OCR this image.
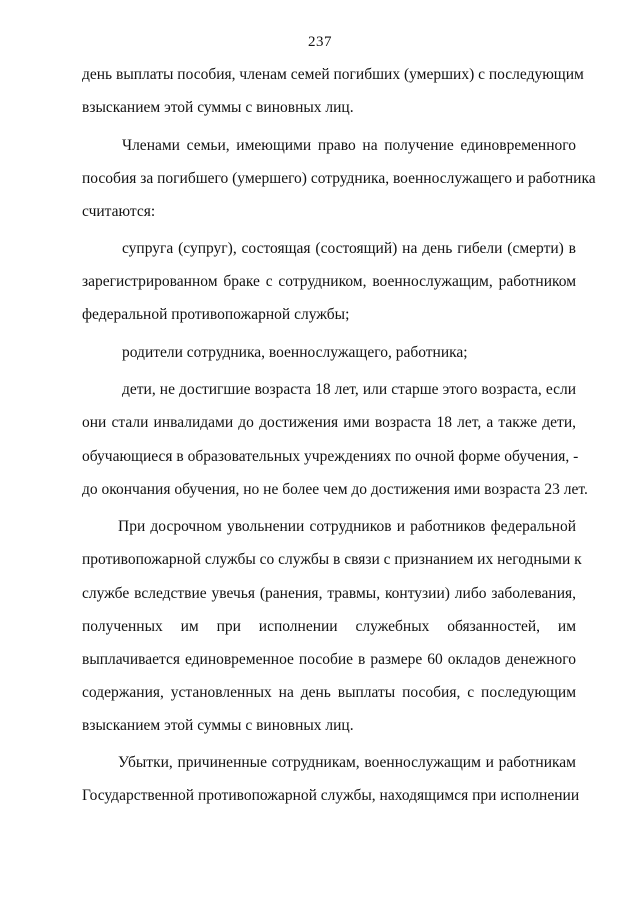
237
день выплаты пособия, членам семей погибших (умерших) с последующим
взысканием этой суммы с виновных лиц.
Членами семьи, имеющими право на получение единовременного
пособия за погибшего (умершего) сотрудника, военнослужащего и работника
считаются:
супруга (супруг), состоящая (состоящий) на день гибели (смерти) в
зарегистрированном браке с сотрудником, военнослужащим, работником
федеральной противопожарной службы;
родители сотрудника, военнослужащего, работника;
дети, не достигшие возраста 18 лет, или старше этого возраста, если
они стали инвалидами до достижения ими возраста 18 лет, а также дети,
обучающиеся в образовательных учреждениях по очной форме обучения, -
до окончания обучения, но не более чем до достижения ими возраста 23 лет.
При досрочном увольнении сотрудников и работников федеральной
противопожарной службы со службы в связи с признанием их негодными к
службе вследствие увечья (ранения, травмы, контузии) либо заболевания,
полученных им при исполнении служебных обязанностей, им
выплачивается единовременное пособие в размере 60 окладов денежного
содержания, установленных на день выплаты пособия, с последующим
взысканием этой суммы с виновных лиц.
Убытки, причиненные сотрудникам, военнослужащим и работникам
Государственной противопожарной службы, находящимся при исполнении
